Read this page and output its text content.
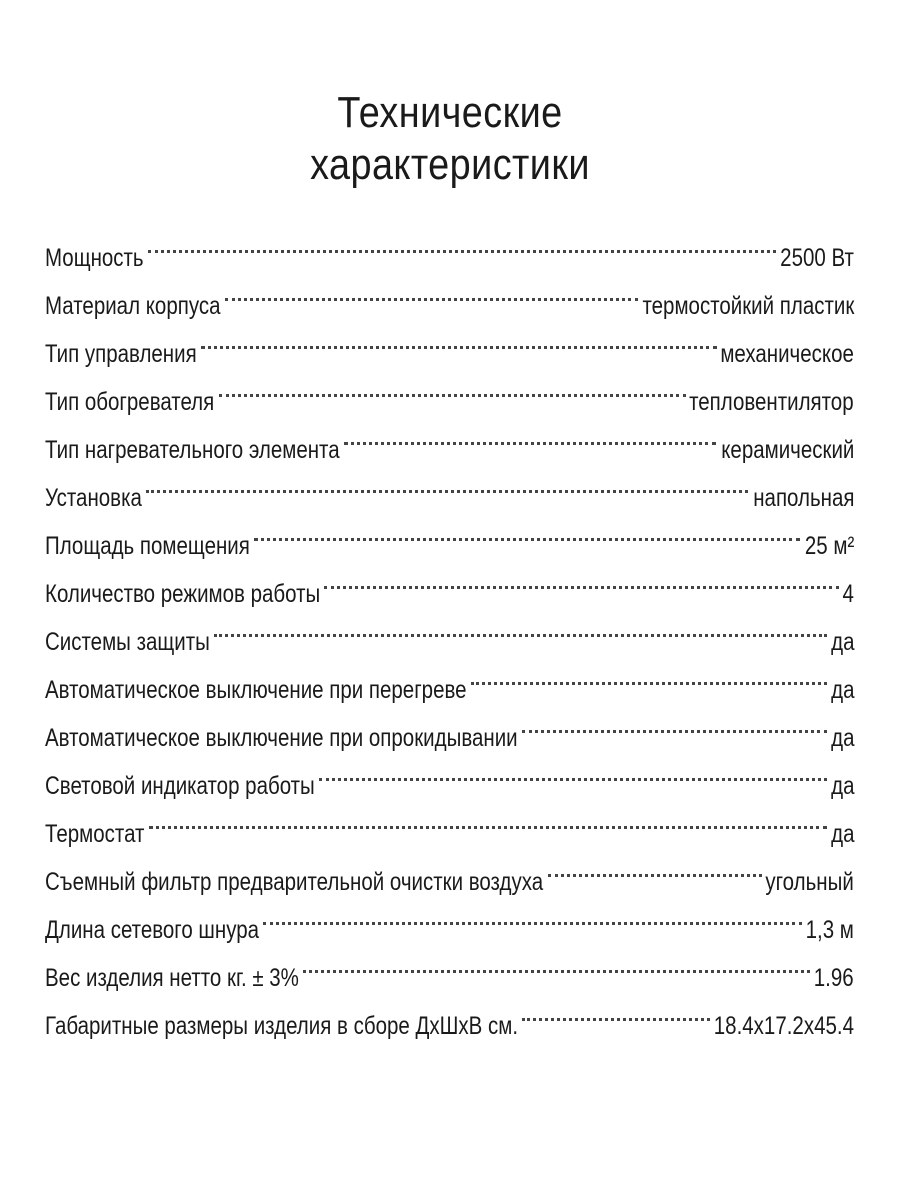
Технические
характеристики
Мощность	2500 Вт
Материал корпуса	термостойкий пластик
Тип управления	механическое
Тип обогревателя	тепловентилятор
Тип нагревательного элемента	керамический
Установка	напольная
Площадь помещения	25 м²
Количество режимов работы	4
Системы защиты	да
Автоматическое выключение при перегреве	да
Автоматическое выключение при опрокидывании	да
Световой индикатор работы	да
Термостат	да
Съемный фильтр предварительной очистки воздуха	угольный
Длина сетевого шнура	1,3 м
Вес изделия нетто кг. ± 3%	1.96
Габаритные размеры изделия в сборе ДхШхВ см.	18.4x17.2x45.4
